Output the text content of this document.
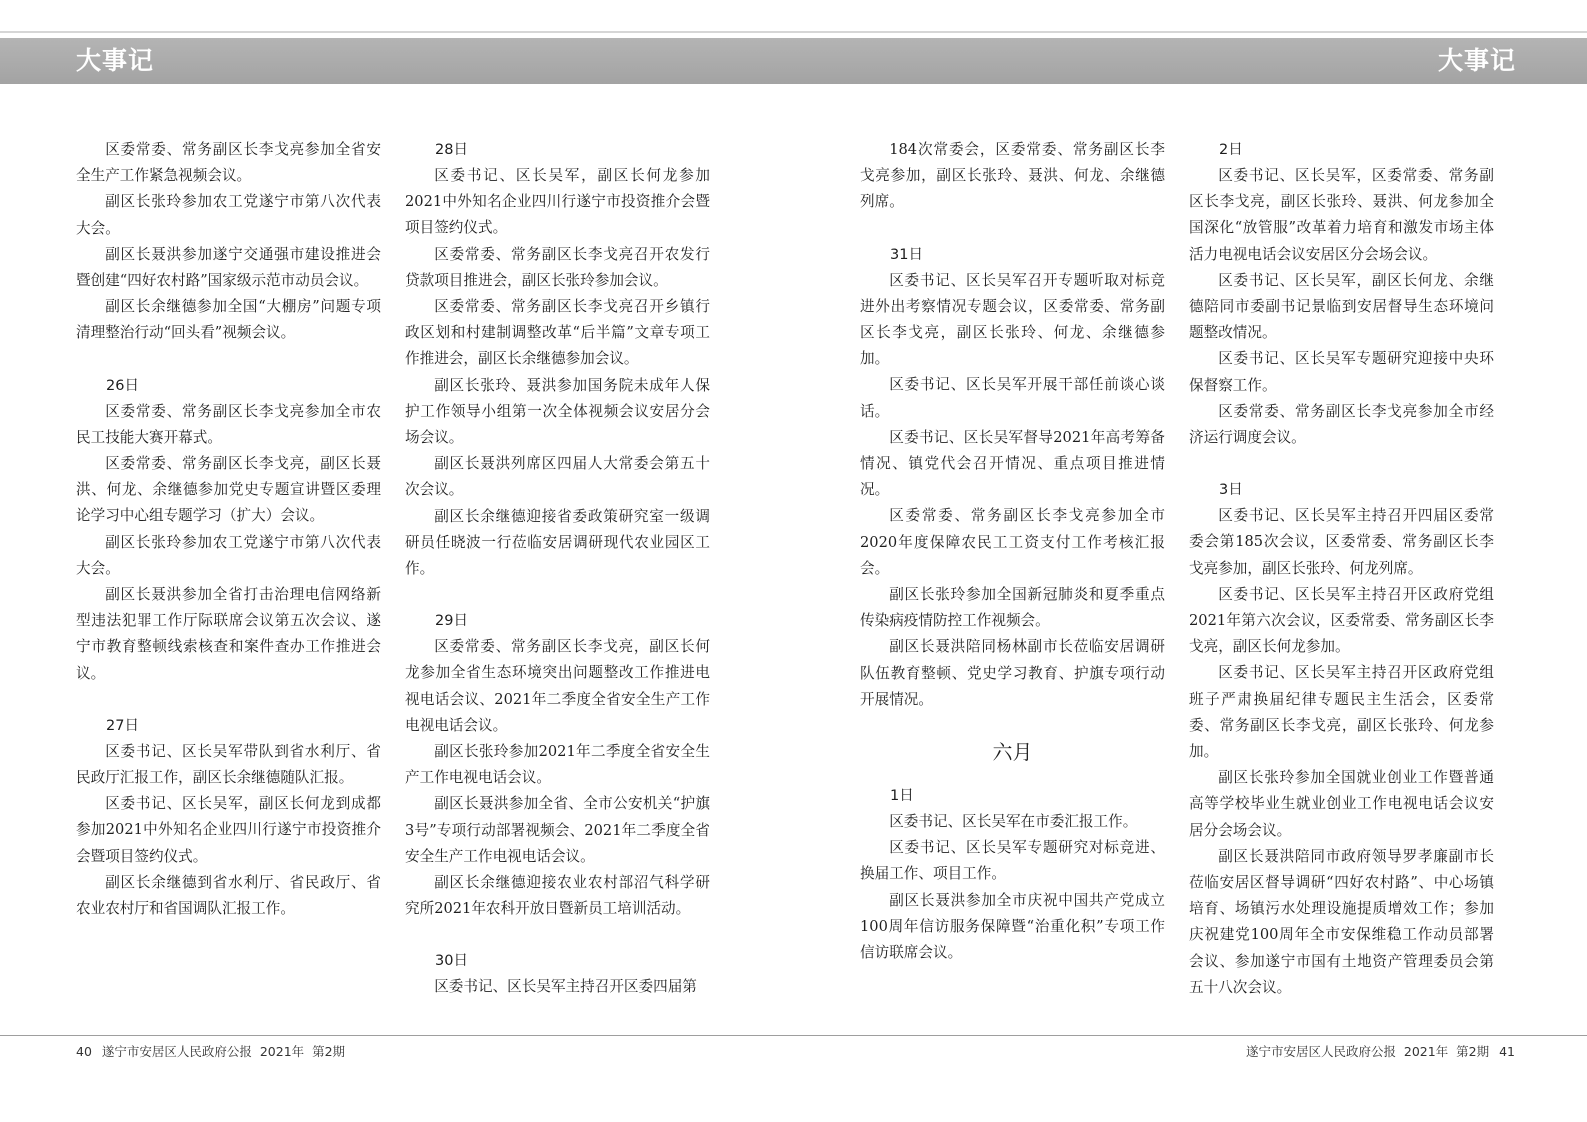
大事记	大事记

区委常委、常务副区长李戈亮参加全省安全生产工作紧急视频会议。

副区长张玲参加农工党遂宁市第八次代表大会。

副区长聂洪参加遂宁交通强市建设推进会暨创建“四好农村路”国家级示范市动员会议。

副区长余继德参加全国“大棚房”问题专项清理整治行动“回头看”视频会议。

26日

区委常委、常务副区长李戈亮参加全市农民工技能大赛开幕式。

区委常委、常务副区长李戈亮，副区长聂洪、何龙、余继德参加党史专题宣讲暨区委理论学习中心组专题学习（扩大）会议。

副区长张玲参加农工党遂宁市第八次代表大会。

副区长聂洪参加全省打击治理电信网络新型违法犯罪工作厅际联席会议第五次会议、遂宁市教育整顿线索核查和案件查办工作推进会议。

27日

区委书记、区长吴军带队到省水利厅、省民政厅汇报工作，副区长余继德随队汇报。

区委书记、区长吴军，副区长何龙到成都参加2021中外知名企业四川行遂宁市投资推介会暨项目签约仪式。

副区长余继德到省水利厅、省民政厅、省农业农村厅和省国调队汇报工作。

28日

区委书记、区长吴军，副区长何龙参加2021中外知名企业四川行遂宁市投资推介会暨项目签约仪式。

区委常委、常务副区长李戈亮召开农发行贷款项目推进会，副区长张玲参加会议。

区委常委、常务副区长李戈亮召开乡镇行政区划和村建制调整改革“后半篇”文章专项工作推进会，副区长余继德参加会议。

副区长张玲、聂洪参加国务院未成年人保护工作领导小组第一次全体视频会议安居分会场会议。

副区长聂洪列席区四届人大常委会第五十次会议。

副区长余继德迎接省委政策研究室一级调研员任晓波一行莅临安居调研现代农业园区工作。

29日

区委常委、常务副区长李戈亮，副区长何龙参加全省生态环境突出问题整改工作推进电视电话会议、2021年二季度全省安全生产工作电视电话会议。

副区长张玲参加2021年二季度全省安全生产工作电视电话会议。

副区长聂洪参加全省、全市公安机关“护旗3号”专项行动部署视频会、2021年二季度全省安全生产工作电视电话会议。

副区长余继德迎接农业农村部沼气科学研究所2021年农科开放日暨新员工培训活动。

30日

区委书记、区长吴军主持召开区委四届第

184次常委会，区委常委、常务副区长李戈亮参加，副区长张玲、聂洪、何龙、余继德列席。

31日

区委书记、区长吴军召开专题听取对标竞进外出考察情况专题会议，区委常委、常务副区长李戈亮，副区长张玲、何龙、余继德参加。

区委书记、区长吴军开展干部任前谈心谈话。

区委书记、区长吴军督导2021年高考筹备情况、镇党代会召开情况、重点项目推进情况。

区委常委、常务副区长李戈亮参加全市2020年度保障农民工工资支付工作考核汇报会。

副区长张玲参加全国新冠肺炎和夏季重点传染病疫情防控工作视频会。

副区长聂洪陪同杨林副市长莅临安居调研队伍教育整顿、党史学习教育、护旗专项行动开展情况。

六月
1日

区委书记、区长吴军在市委汇报工作。

区委书记、区长吴军专题研究对标竞进、换届工作、项目工作。

副区长聂洪参加全市庆祝中国共产党成立100周年信访服务保障暨“治重化积”专项工作信访联席会议。

2日

区委书记、区长吴军，区委常委、常务副区长李戈亮，副区长张玲、聂洪、何龙参加全国深化“放管服”改革着力培育和激发市场主体活力电视电话会议安居区分会场会议。

区委书记、区长吴军，副区长何龙、余继德陪同市委副书记景临到安居督导生态环境问题整改情况。

区委书记、区长吴军专题研究迎接中央环保督察工作。

区委常委、常务副区长李戈亮参加全市经济运行调度会议。

3日

区委书记、区长吴军主持召开四届区委常委会第185次会议，区委常委、常务副区长李戈亮参加，副区长张玲、何龙列席。

区委书记、区长吴军主持召开区政府党组2021年第六次会议，区委常委、常务副区长李戈亮，副区长何龙参加。

区委书记、区长吴军主持召开区政府党组班子严肃换届纪律专题民主生活会，区委常委、常务副区长李戈亮，副区长张玲、何龙参加。

副区长张玲参加全国就业创业工作暨普通高等学校毕业生就业创业工作电视电话会议安居分会场会议。

副区长聂洪陪同市政府领导罗孝廉副市长莅临安居区督导调研“四好农村路”、中心场镇培育、场镇污水处理设施提质增效工作；参加庆祝建党100周年全市安保维稳工作动员部署会议、参加遂宁市国有土地资产管理委员会第五十八次会议。

40 遂宁市安居区人民政府公报  2021年  第2期	遂宁市安居区人民政府公报  2021年  第2期 41
